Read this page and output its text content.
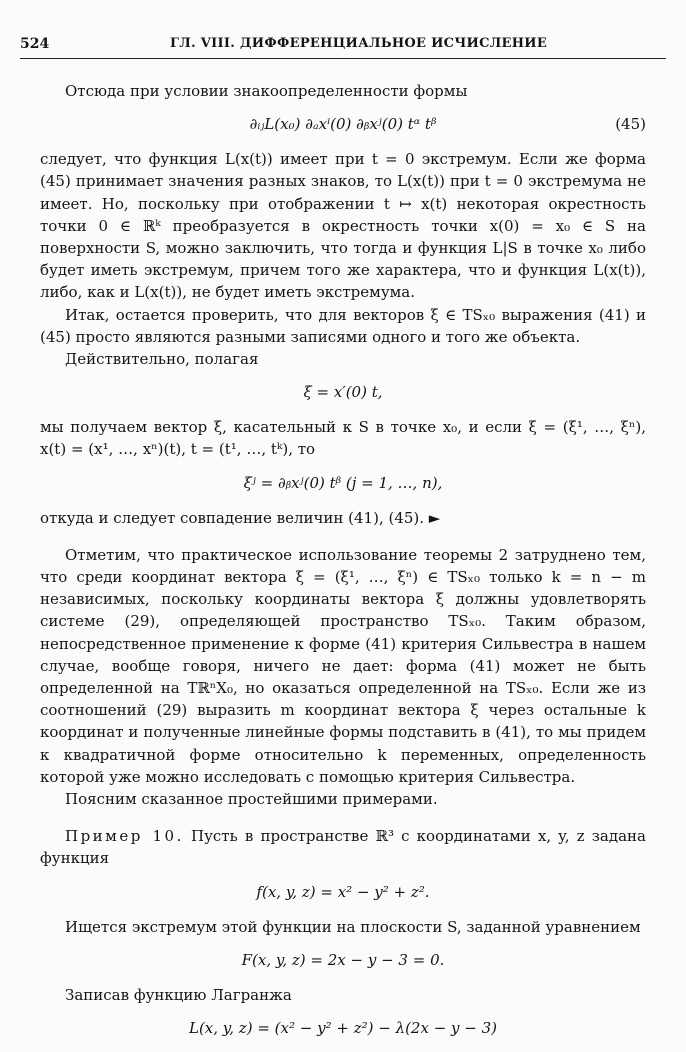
524	ГЛ. VIII. ДИФФЕРЕНЦИАЛЬНОЕ ИСЧИСЛЕНИЕ

Отсюда при условии знакоопределенности формы

∂ᵢⱼL(x₀) ∂ₐxⁱ(0) ∂ᵦxʲ(0) tᵅ tᵝ	(45)

следует, что функция L(x(t)) имеет при t = 0 экстремум. Если же форма (45) принимает значения разных знаков, то L(x(t)) при t = 0 экстремума не имеет. Но, поскольку при отображении t ↦ x(t) некоторая окрестность точки 0 ∈ ℝᵏ преобразуется в окрестность точки x(0) = x₀ ∈ S на поверхности S, можно заключить, что тогда и функция L|S в точке x₀ либо будет иметь экстремум, причем того же характера, что и функция L(x(t)), либо, как и L(x(t)), не будет иметь экстремума.

Итак, остается проверить, что для векторов ξ ∈ TSₓ₀ выражения (41) и (45) просто являются разными записями одного и того же объекта.

Действительно, полагая

ξ = x′(0) t,

мы получаем вектор ξ, касательный к S в точке x₀, и если ξ = (ξ¹, …, ξⁿ), x(t) = (x¹, …, xⁿ)(t), t = (t¹, …, tᵏ), то

ξʲ = ∂ᵦxʲ(0) tᵝ (j = 1, …, n),

откуда и следует совпадение величин (41), (45). ►

Отметим, что практическое использование теоремы 2 затруднено тем, что среди координат вектора ξ = (ξ¹, …, ξⁿ) ∈ TSₓ₀ только k = n − m независимых, поскольку координаты вектора ξ должны удовлетворять системе (29), определяющей пространство TSₓ₀. Таким образом, непосредственное применение к форме (41) критерия Сильвестра в нашем случае, вообще говоря, ничего не дает: форма (41) может не быть определенной на TℝⁿX₀, но оказаться определенной на TSₓ₀. Если же из соотношений (29) выразить m координат вектора ξ через остальные k координат и полученные линейные формы подставить в (41), то мы придем к квадратичной форме относительно k переменных, определенность которой уже можно исследовать с помощью критерия Сильвестра.

Поясним сказанное простейшими примерами.

Пример 10. Пусть в пространстве ℝ³ с координатами x, y, z задана функция

f(x, y, z) = x² − y² + z².

Ищется экстремум этой функции на плоскости S, заданной уравнением

F(x, y, z) = 2x − y − 3 = 0.

Записав функцию Лагранжа

L(x, y, z) = (x² − y² + z²) − λ(2x − y − 3)
